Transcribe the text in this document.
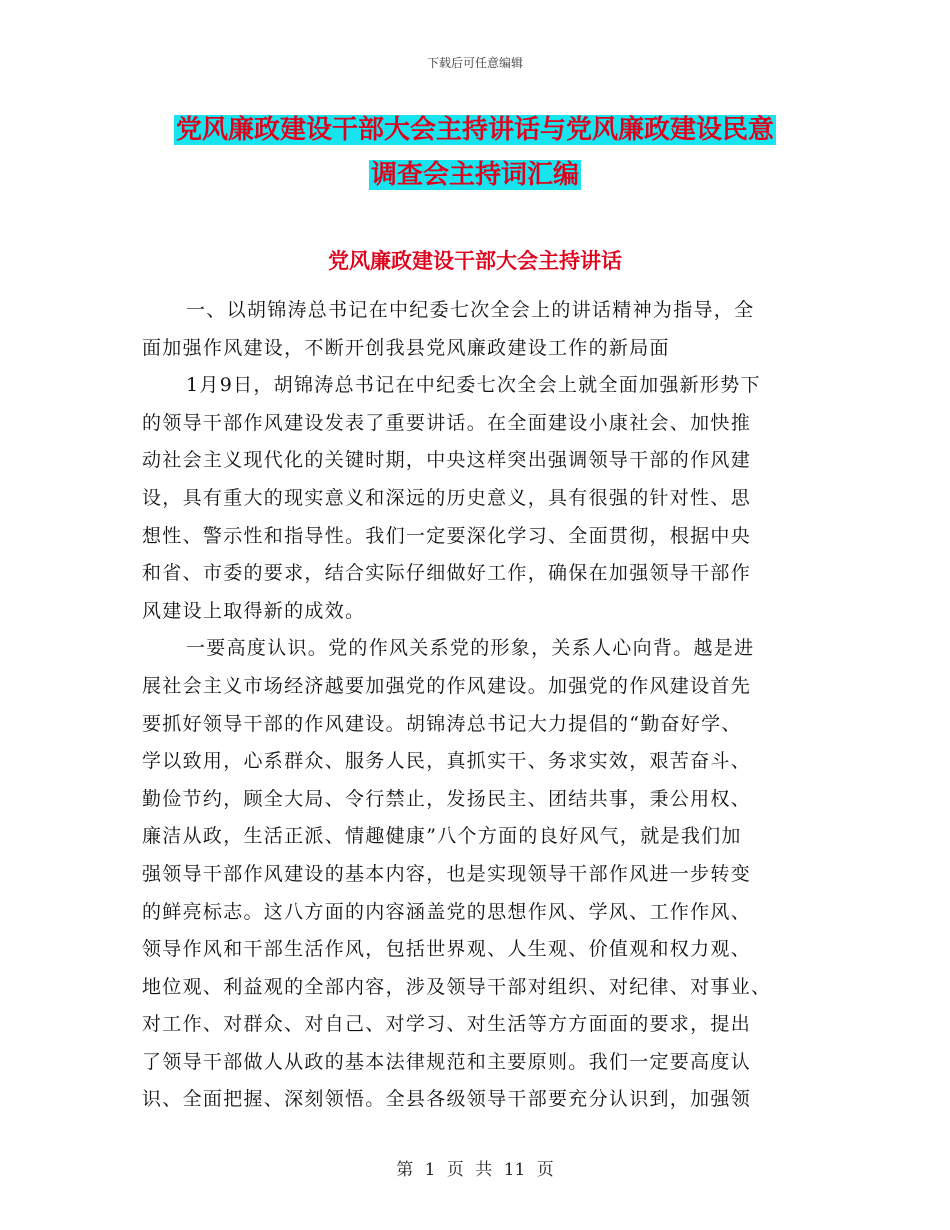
下载后可任意编辑
党风廉政建设干部大会主持讲话与党风廉政建设民意
调查会主持词汇编
党风廉政建设干部大会主持讲话
一、以胡锦涛总书记在中纪委七次全会上的讲话精神为指导，全
面加强作风建设，不断开创我县党风廉政建设工作的新局面
1月9日，胡锦涛总书记在中纪委七次全会上就全面加强新形势下
的领导干部作风建设发表了重要讲话。在全面建设小康社会、加快推
动社会主义现代化的关键时期，中央这样突出强调领导干部的作风建
设，具有重大的现实意义和深远的历史意义，具有很强的针对性、思
想性、警示性和指导性。我们一定要深化学习、全面贯彻，根据中央
和省、市委的要求，结合实际仔细做好工作，确保在加强领导干部作
风建设上取得新的成效。
一要高度认识。党的作风关系党的形象，关系人心向背。越是进
展社会主义市场经济越要加强党的作风建设。加强党的作风建设首先
要抓好领导干部的作风建设。胡锦涛总书记大力提倡的“勤奋好学、
学以致用，心系群众、服务人民，真抓实干、务求实效，艰苦奋斗、
勤俭节约，顾全大局、令行禁止，发扬民主、团结共事，秉公用权、
廉洁从政，生活正派、情趣健康”八个方面的良好风气，就是我们加
强领导干部作风建设的基本内容，也是实现领导干部作风进一步转变
的鲜亮标志。这八方面的内容涵盖党的思想作风、学风、工作作风、
领导作风和干部生活作风，包括世界观、人生观、价值观和权力观、
地位观、利益观的全部内容，涉及领导干部对组织、对纪律、对事业、
对工作、对群众、对自己、对学习、对生活等方方面面的要求，提出
了领导干部做人从政的基本法律规范和主要原则。我们一定要高度认
识、全面把握、深刻领悟。全县各级领导干部要充分认识到，加强领
第 1 页 共 11 页
